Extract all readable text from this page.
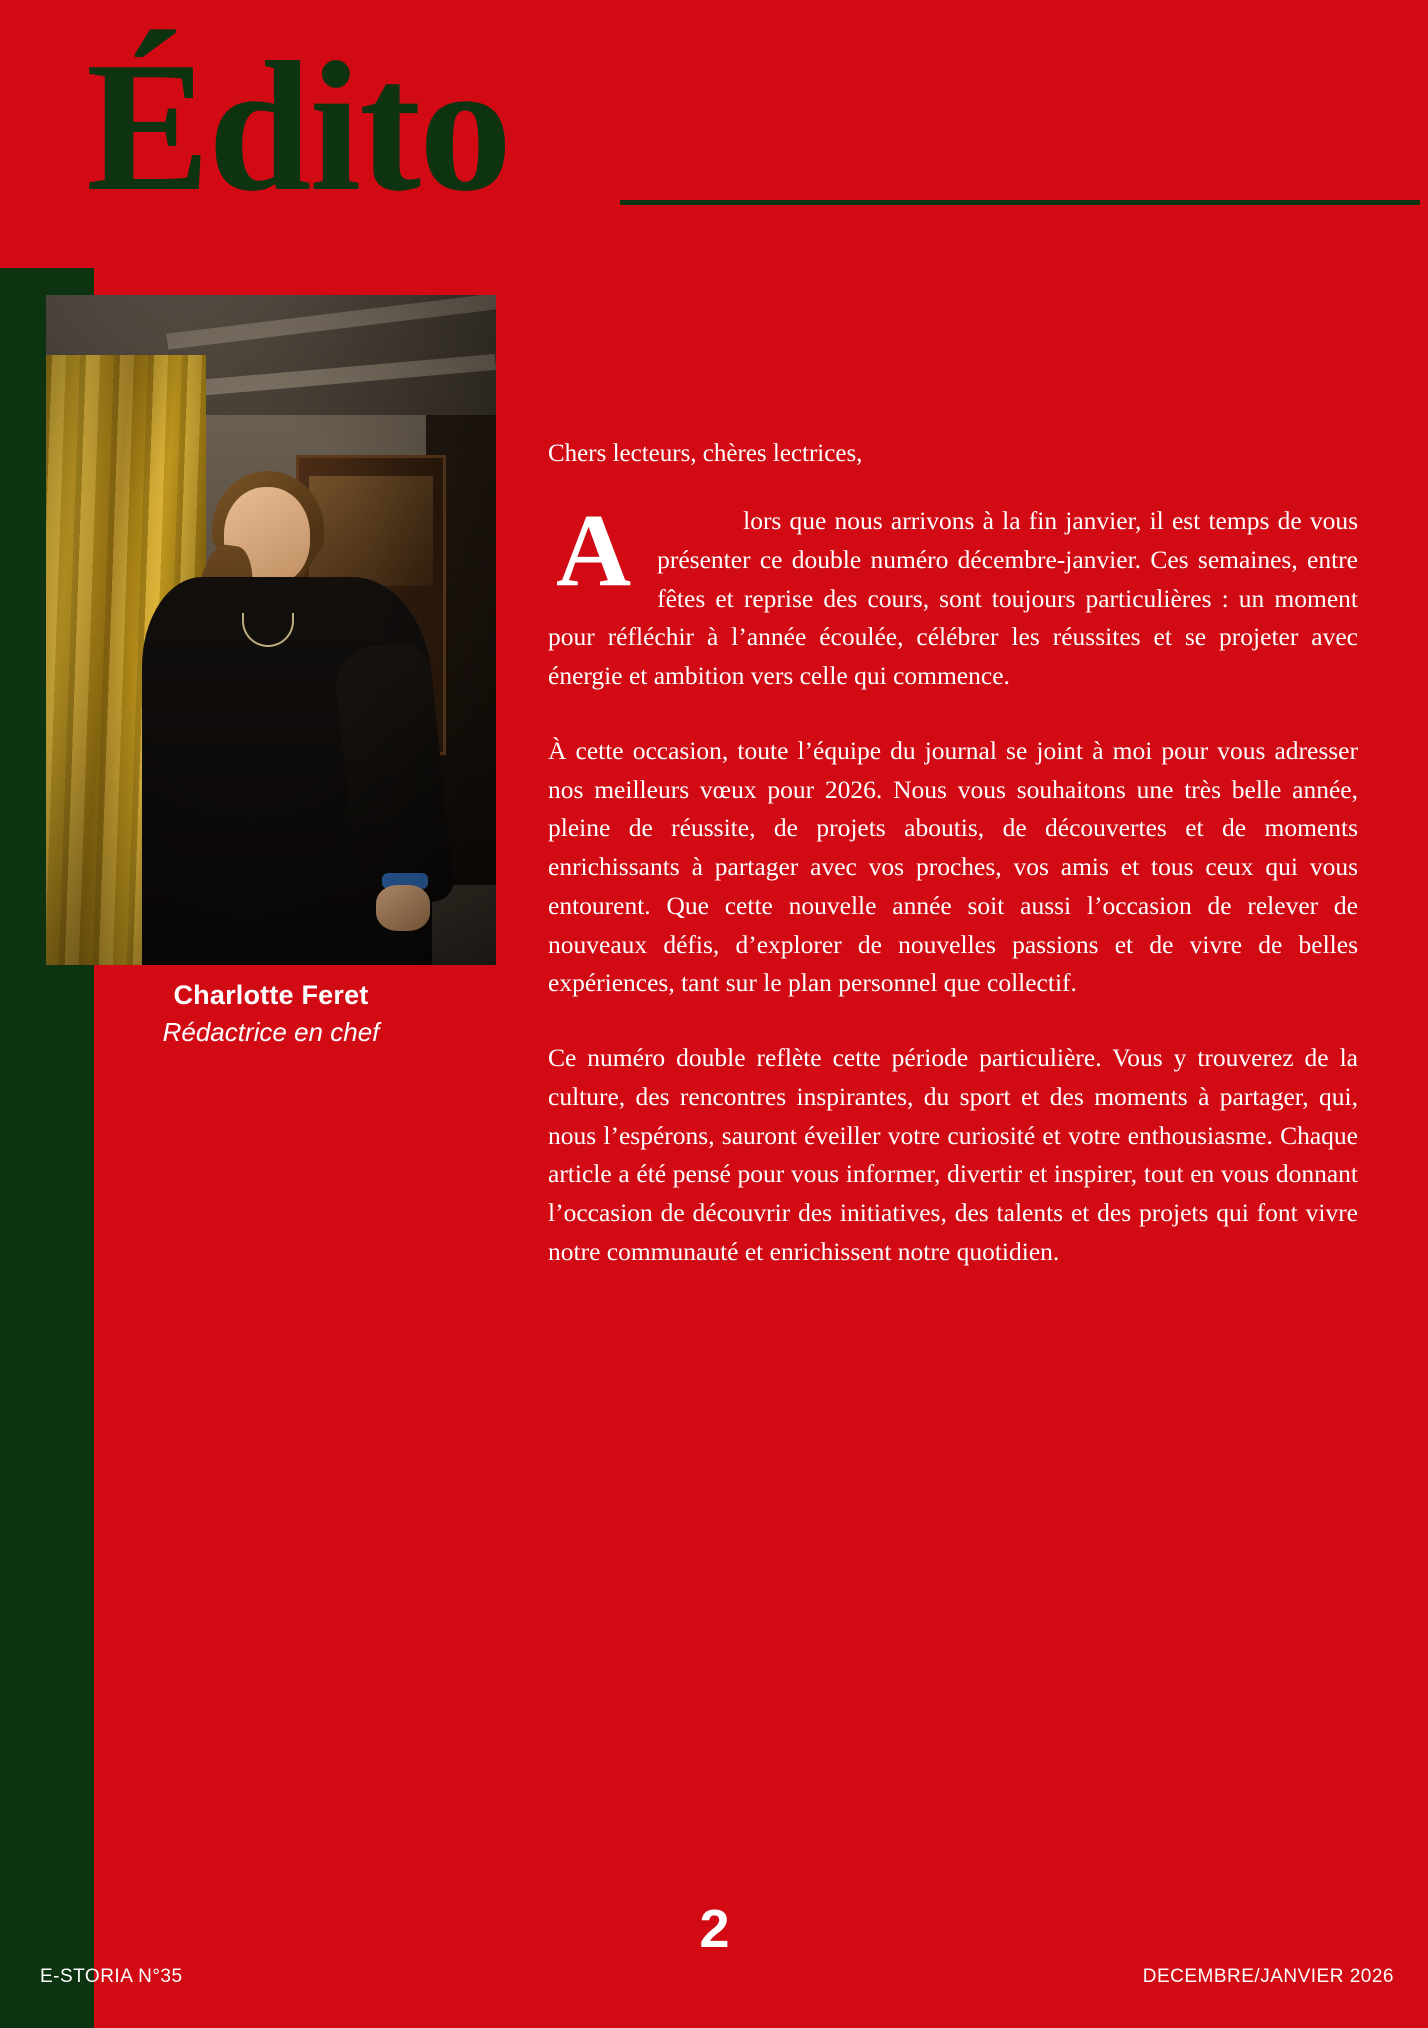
Édito
Charlotte Feret
Rédactrice en chef
Chers lecteurs, chères lectrices,

A	lors que nous arrivons à la fin janvier, il est temps de vous présenter ce double numéro décembre-janvier. Ces semaines, entre fêtes et reprise des cours, sont toujours particulières : un moment pour réfléchir à l’année écoulée, célébrer les réussites et se projeter avec énergie et ambition vers celle qui commence.

À cette occasion, toute l’équipe du journal se joint à moi pour vous adresser nos meilleurs vœux pour 2026. Nous vous souhaitons une très belle année, pleine de réussite, de projets aboutis, de découvertes et de moments enrichissants à partager avec vos proches, vos amis et tous ceux qui vous entourent. Que cette nouvelle année soit aussi l’occasion de relever de nouveaux défis, d’explorer de nouvelles passions et de vivre de belles expériences, tant sur le plan personnel que collectif.

Ce numéro double reflète cette période particulière. Vous y trouverez de la culture, des rencontres inspirantes, du sport et des moments à partager, qui, nous l’espérons, sauront éveiller votre curiosité et votre enthousiasme. Chaque article a été pensé pour vous informer, divertir et inspirer, tout en vous donnant l’occasion de découvrir des initiatives, des talents et des projets qui font vivre notre communauté et enrichissent notre quotidien.

2
E-STORIA N°35	DECEMBRE/JANVIER 2026
